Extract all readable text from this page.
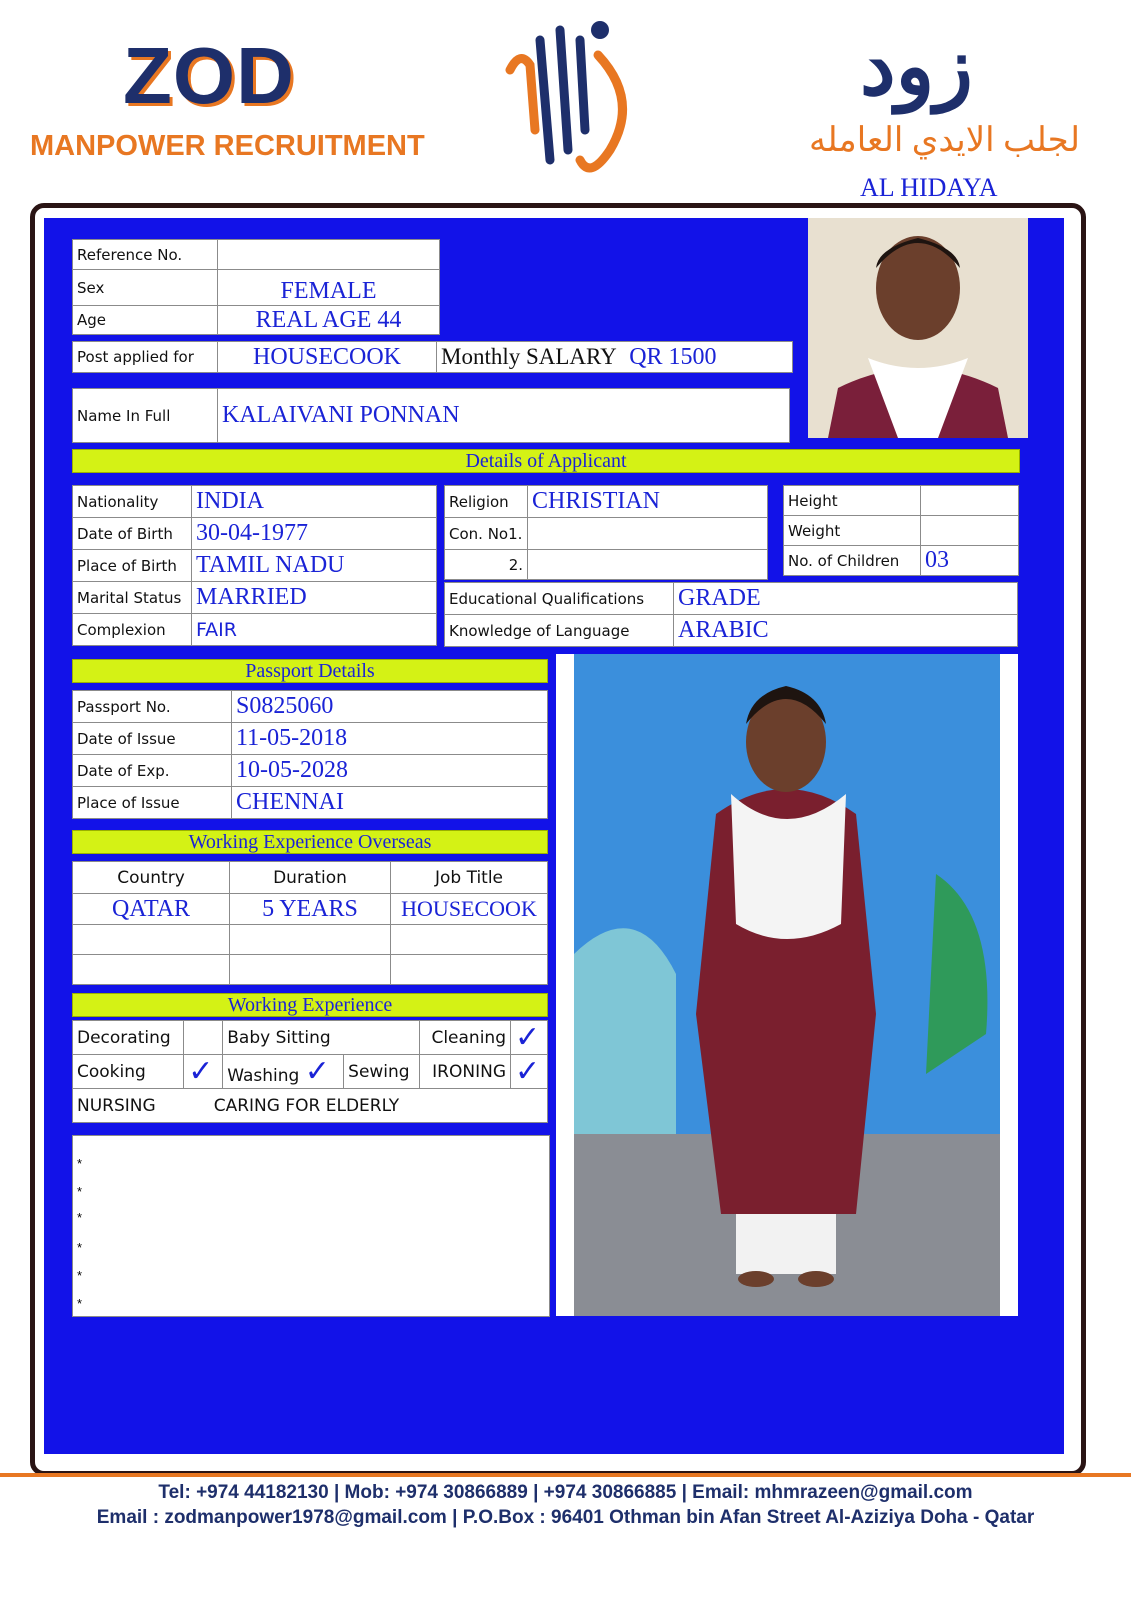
ZOD
MANPOWER RECRUITMENT
زود
لجلب الايدي العامله
AL HIDAYA
Reference No.	
Sex	FEMALE
Age	REAL AGE 44
Post applied for	HOUSECOOK	Monthly SALARY QR 1500
Name In Full	KALAIVANI PONNAN
Details of Applicant
Nationality	INDIA
Date of Birth	30-04-1977
Place of Birth	TAMIL NADU
Marital Status	MARRIED
Complexion	FAIR
Religion	CHRISTIAN
Con. No1.	
2.	
Height	
Weight	
No. of Children	03
Educational Qualifications	GRADE
Knowledge of Language	ARABIC
Passport Details
Passport No.	S0825060
Date of Issue	11-05-2018
Date of Exp.	10-05-2028
Place of Issue	CHENNAI
Working Experience Overseas
Country	Duration	Job Title
QATAR	5 YEARS	HOUSECOOK

Working Experience
Decorating		Baby Sitting		Cleaning	✓
Cooking	✓	Washing ✓	Sewing	IRONING	✓
NURSING	CARING FOR ELDERLY				
*
*
*
*
*
*
Tel: +974 44182130 | Mob: +974 30866889 | +974 30866885 | Email: mhmrazeen@gmail.com
Email : zodmanpower1978@gmail.com | P.O.Box : 96401 Othman bin Afan Street Al-Aziziya Doha - Qatar
